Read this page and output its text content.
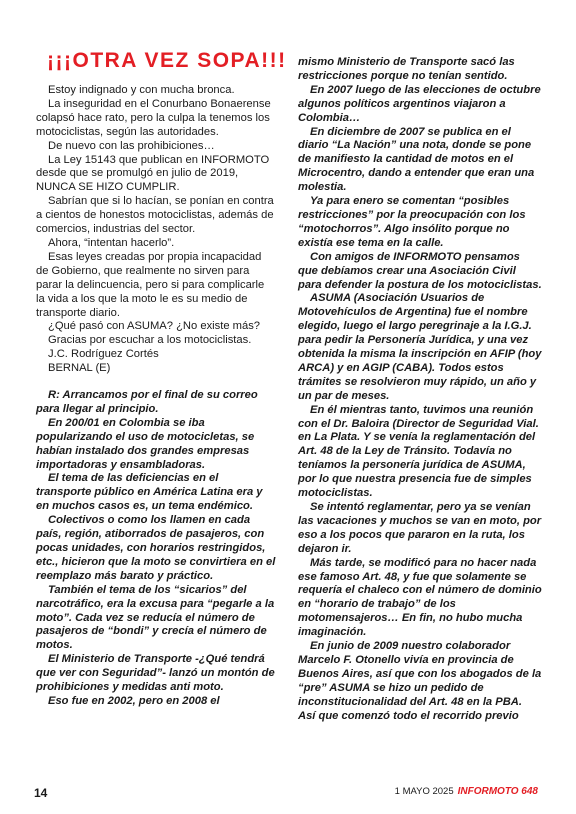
¡¡¡OTRA VEZ SOPA!!!

Estoy indignado y con mucha bronca.

La inseguridad en el Conurbano Bonaerense colapsó hace rato, pero la culpa la tenemos los motociclistas, según las autoridades.

De nuevo con las prohibiciones…

La Ley 15143 que publican en INFORMOTO desde que se promulgó en julio de 2019, NUNCA SE HIZO CUMPLIR.

Sabrían que si lo hacían, se ponían en contra a cientos de honestos motociclistas, además de comercios, industrias del sector.

Ahora, “intentan hacerlo”.

Esas leyes creadas por propia incapacidad de Gobierno, que realmente no sirven para parar la delincuencia, pero si para complicarle la vida a los que la moto le es su medio de transporte diario.

¿Qué pasó con ASUMA? ¿No existe más?

Gracias por escuchar a los motociclistas.

J.C. Rodríguez Cortés

BERNAL (E)

R: Arrancamos por el final de su correo para llegar al principio.

En 200/01 en Colombia se iba popularizando el uso de motocicletas, se habían instalado dos grandes empresas importadoras y ensambladoras.

El tema de las deficiencias en el transporte público en América Latina era y en muchos casos es, un tema endémico.

Colectivos o como los llamen en cada país, región, atiborrados de pasajeros, con pocas unidades, con horarios restringidos, etc., hicieron que la moto se convirtiera en el reemplazo más barato y práctico.

También el tema de los “sicarios” del narcotráfico, era la excusa para “pegarle a la moto”. Cada vez se reducía el número de pasajeros de “bondi” y crecía el número de motos.

El Ministerio de Transporte -¿Qué tendrá que ver con Seguridad”- lanzó un montón de prohibiciones y medidas anti moto.

Eso fue en 2002, pero en 2008 el

mismo Ministerio de Transporte sacó las restricciones porque no tenían sentido.

En 2007 luego de las elecciones de octubre algunos políticos argentinos viajaron a Colombia…

En diciembre de 2007 se publica en el diario “La Nación” una nota, donde se pone de manifiesto la cantidad de motos en el Microcentro, dando a entender que eran una molestia.

Ya para enero se comentan “posibles restricciones” por la preocupación con los “motochorros”. Algo insólito porque no existía ese tema en la calle.

Con amigos de INFORMOTO pensamos que debíamos crear una Asociación Civil para defender la postura de los motociclistas.

ASUMA (Asociación Usuarios de Motovehículos de Argentina) fue el nombre elegido, luego el largo peregrinaje a la I.G.J. para pedir la Personería Jurídica, y una vez obtenida la misma la inscripción en AFIP (hoy ARCA) y en AGIP (CABA). Todos estos trámites se resolvieron muy rápido, un año y un par de meses.

En él mientras tanto, tuvimos una reunión con el Dr. Baloira (Director de Seguridad Vial. en La Plata. Y se venía la reglamentación del Art. 48 de la Ley de Tránsito. Todavía no teníamos la personería jurídica de ASUMA, por lo que nuestra presencia fue de simples motociclistas.

Se intentó reglamentar, pero ya se venían las vacaciones y muchos se van en moto, por eso a los pocos que pararon en la ruta, los dejaron ir.

Más tarde, se modificó para no hacer nada ese famoso Art. 48, y fue que solamente se requería el chaleco con el número de dominio en “horario de trabajo” de los motomensajeros… En fin, no hubo mucha imaginación.

En junio de 2009 nuestro colaborador Marcelo F. Otonello vivía en provincia de Buenos Aires, así que con los abogados de la “pre” ASUMA se hizo un pedido de inconstitucionalidad del Art. 48 en la PBA. Así que comenzó todo el recorrido previo

14	1 MAYO 2025 INFORMOTO 648
